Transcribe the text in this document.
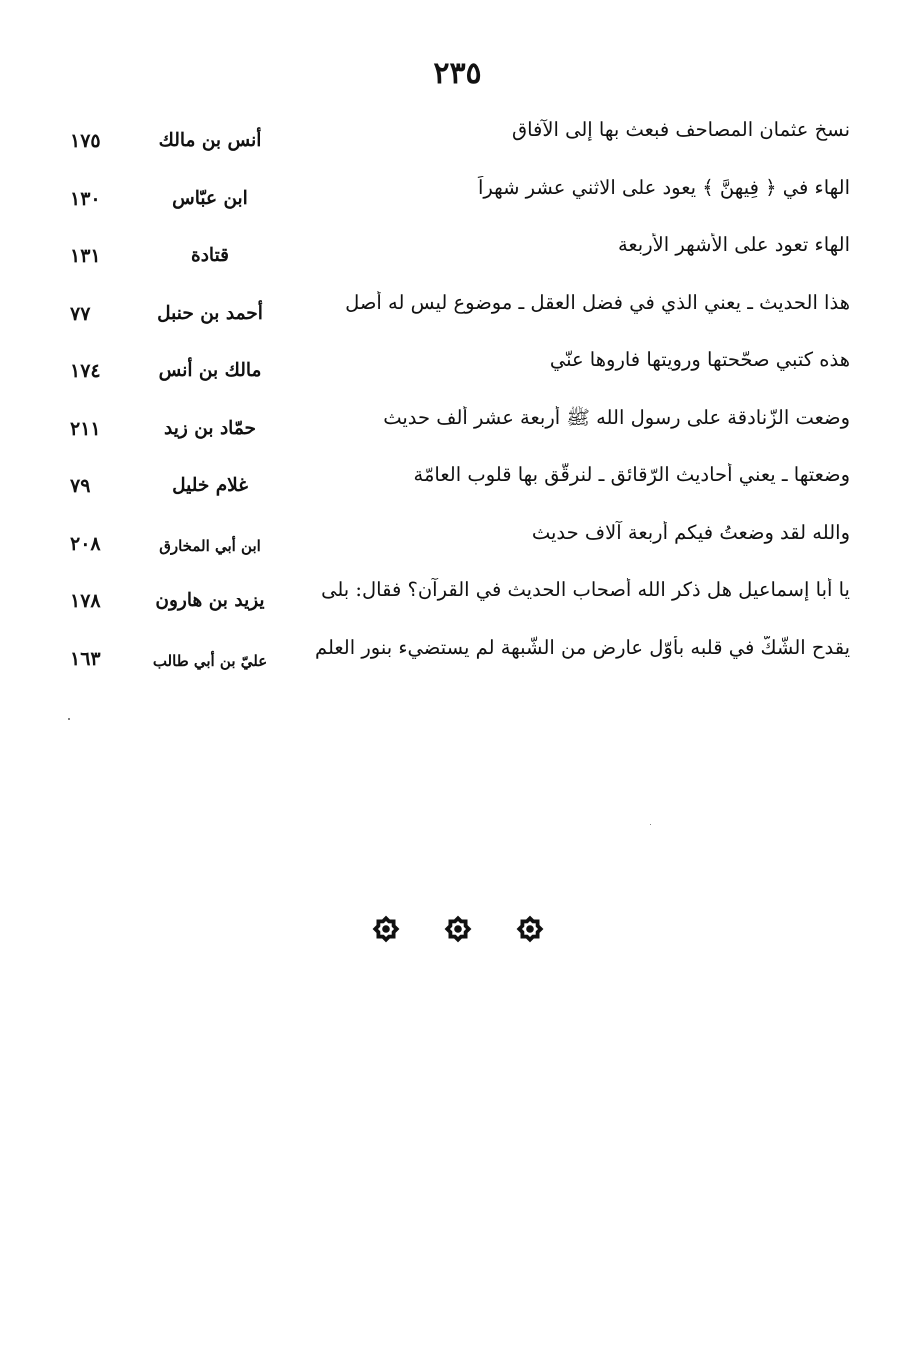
٢٣٥
نسخ عثمان المصاحف فبعث بها إلى الآفاق
أنس بن مالك
١٧٥
الهاء في ﴿ فِيهِنَّ ﴾ يعود على الاثني عشر شهراً
ابن عبّاس
١٣٠
الهاء تعود على الأشهر الأربعة
قتادة
١٣١
هذا الحديث ـ يعني الذي في فضل العقل ـ موضوع ليس له أصل
أحمد بن حنبل
٧٧
هذه كتبي صحّحتها ورويتها فاروها عنّي
مالك بن أنس
١٧٤
وضعت الزّنادقة على رسول الله ﷺ أربعة عشر ألف حديث
حمّاد بن زيد
٢١١
وضعتها ـ يعني أحاديث الرّقائق ـ لنرقّق بها قلوب العامّة
غلام خليل
٧٩
والله لقد وضعتُ فيكم أربعة آلاف حديث
ابن أبي المخارق
٢٠٨
يا أبا إسماعيل هل ذكر الله أصحاب الحديث في القرآن؟ فقال: بلى
يزيد بن هارون
١٧٨
يقدح الشّكّ في قلبه بأوّل عارض من الشّبهة لم يستضيء بنور العلم
عليّ بن أبي طالب
١٦٣
